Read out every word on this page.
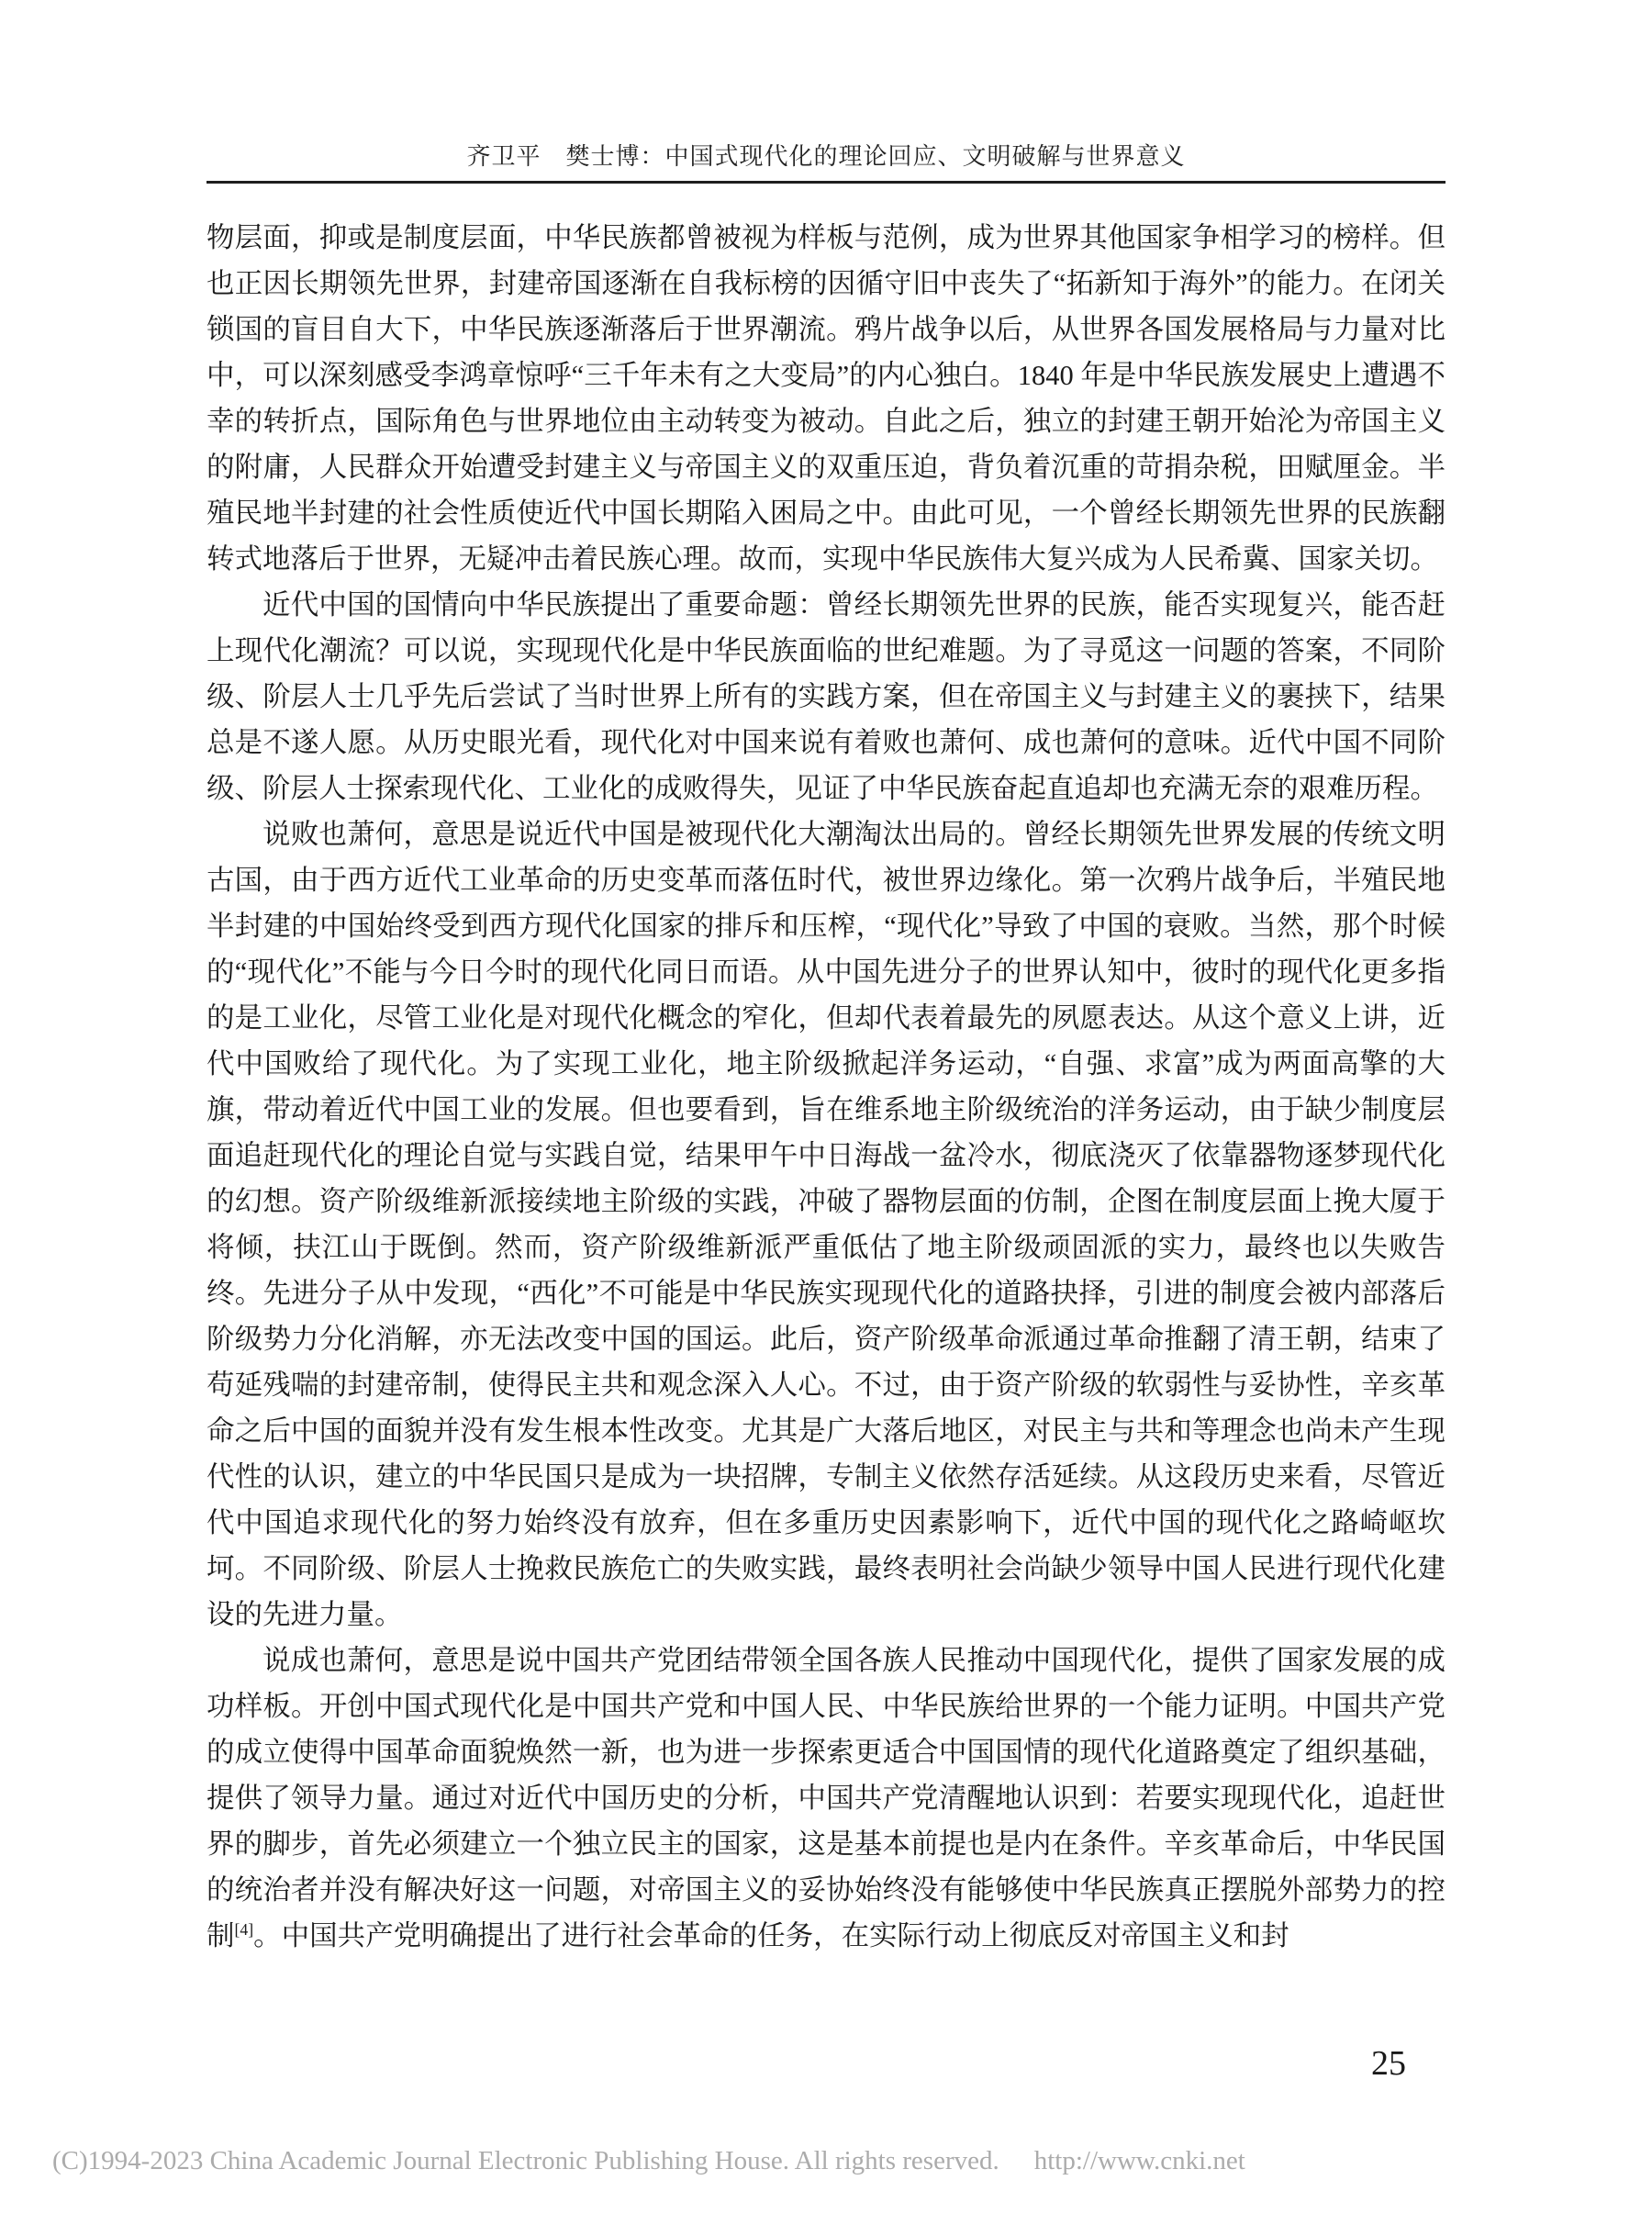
齐卫平　樊士博：中国式现代化的理论回应、文明破解与世界意义

物层面，抑或是制度层面，中华民族都曾被视为样板与范例，成为世界其他国家争相学习的榜样。但也正因长期领先世界，封建帝国逐渐在自我标榜的因循守旧中丧失了“拓新知于海外”的能力。在闭关锁国的盲目自大下，中华民族逐渐落后于世界潮流。鸦片战争以后，从世界各国发展格局与力量对比中，可以深刻感受李鸿章惊呼“三千年未有之大变局”的内心独白。1840 年是中华民族发展史上遭遇不幸的转折点，国际角色与世界地位由主动转变为被动。自此之后，独立的封建王朝开始沦为帝国主义的附庸，人民群众开始遭受封建主义与帝国主义的双重压迫，背负着沉重的苛捐杂税，田赋厘金。半殖民地半封建的社会性质使近代中国长期陷入困局之中。由此可见，一个曾经长期领先世界的民族翻转式地落后于世界，无疑冲击着民族心理。故而，实现中华民族伟大复兴成为人民希冀、国家关切。

近代中国的国情向中华民族提出了重要命题：曾经长期领先世界的民族，能否实现复兴，能否赶上现代化潮流？可以说，实现现代化是中华民族面临的世纪难题。为了寻觅这一问题的答案，不同阶级、阶层人士几乎先后尝试了当时世界上所有的实践方案，但在帝国主义与封建主义的裹挟下，结果总是不遂人愿。从历史眼光看，现代化对中国来说有着败也萧何、成也萧何的意味。近代中国不同阶级、阶层人士探索现代化、工业化的成败得失，见证了中华民族奋起直追却也充满无奈的艰难历程。

说败也萧何，意思是说近代中国是被现代化大潮淘汰出局的。曾经长期领先世界发展的传统文明古国，由于西方近代工业革命的历史变革而落伍时代，被世界边缘化。第一次鸦片战争后，半殖民地半封建的中国始终受到西方现代化国家的排斥和压榨，“现代化”导致了中国的衰败。当然，那个时候的“现代化”不能与今日今时的现代化同日而语。从中国先进分子的世界认知中，彼时的现代化更多指的是工业化，尽管工业化是对现代化概念的窄化，但却代表着最先的夙愿表达。从这个意义上讲，近代中国败给了现代化。为了实现工业化，地主阶级掀起洋务运动，“自强、求富”成为两面高擎的大旗，带动着近代中国工业的发展。但也要看到，旨在维系地主阶级统治的洋务运动，由于缺少制度层面追赶现代化的理论自觉与实践自觉，结果甲午中日海战一盆冷水，彻底浇灭了依靠器物逐梦现代化的幻想。资产阶级维新派接续地主阶级的实践，冲破了器物层面的仿制，企图在制度层面上挽大厦于将倾，扶江山于既倒。然而，资产阶级维新派严重低估了地主阶级顽固派的实力，最终也以失败告终。先进分子从中发现，“西化”不可能是中华民族实现现代化的道路抉择，引进的制度会被内部落后阶级势力分化消解，亦无法改变中国的国运。此后，资产阶级革命派通过革命推翻了清王朝，结束了苟延残喘的封建帝制，使得民主共和观念深入人心。不过，由于资产阶级的软弱性与妥协性，辛亥革命之后中国的面貌并没有发生根本性改变。尤其是广大落后地区，对民主与共和等理念也尚未产生现代性的认识，建立的中华民国只是成为一块招牌，专制主义依然存活延续。从这段历史来看，尽管近代中国追求现代化的努力始终没有放弃，但在多重历史因素影响下，近代中国的现代化之路崎岖坎坷。不同阶级、阶层人士挽救民族危亡的失败实践，最终表明社会尚缺少领导中国人民进行现代化建设的先进力量。

说成也萧何，意思是说中国共产党团结带领全国各族人民推动中国现代化，提供了国家发展的成功样板。开创中国式现代化是中国共产党和中国人民、中华民族给世界的一个能力证明。中国共产党的成立使得中国革命面貌焕然一新，也为进一步探索更适合中国国情的现代化道路奠定了组织基础，提供了领导力量。通过对近代中国历史的分析，中国共产党清醒地认识到：若要实现现代化，追赶世界的脚步，首先必须建立一个独立民主的国家，这是基本前提也是内在条件。辛亥革命后，中华民国的统治者并没有解决好这一问题，对帝国主义的妥协始终没有能够使中华民族真正摆脱外部势力的控制[4]。中国共产党明确提出了进行社会革命的任务，在实际行动上彻底反对帝国主义和封

25
(C)1994-2023 China Academic Journal Electronic Publishing House. All rights reserved. http://www.cnki.net
